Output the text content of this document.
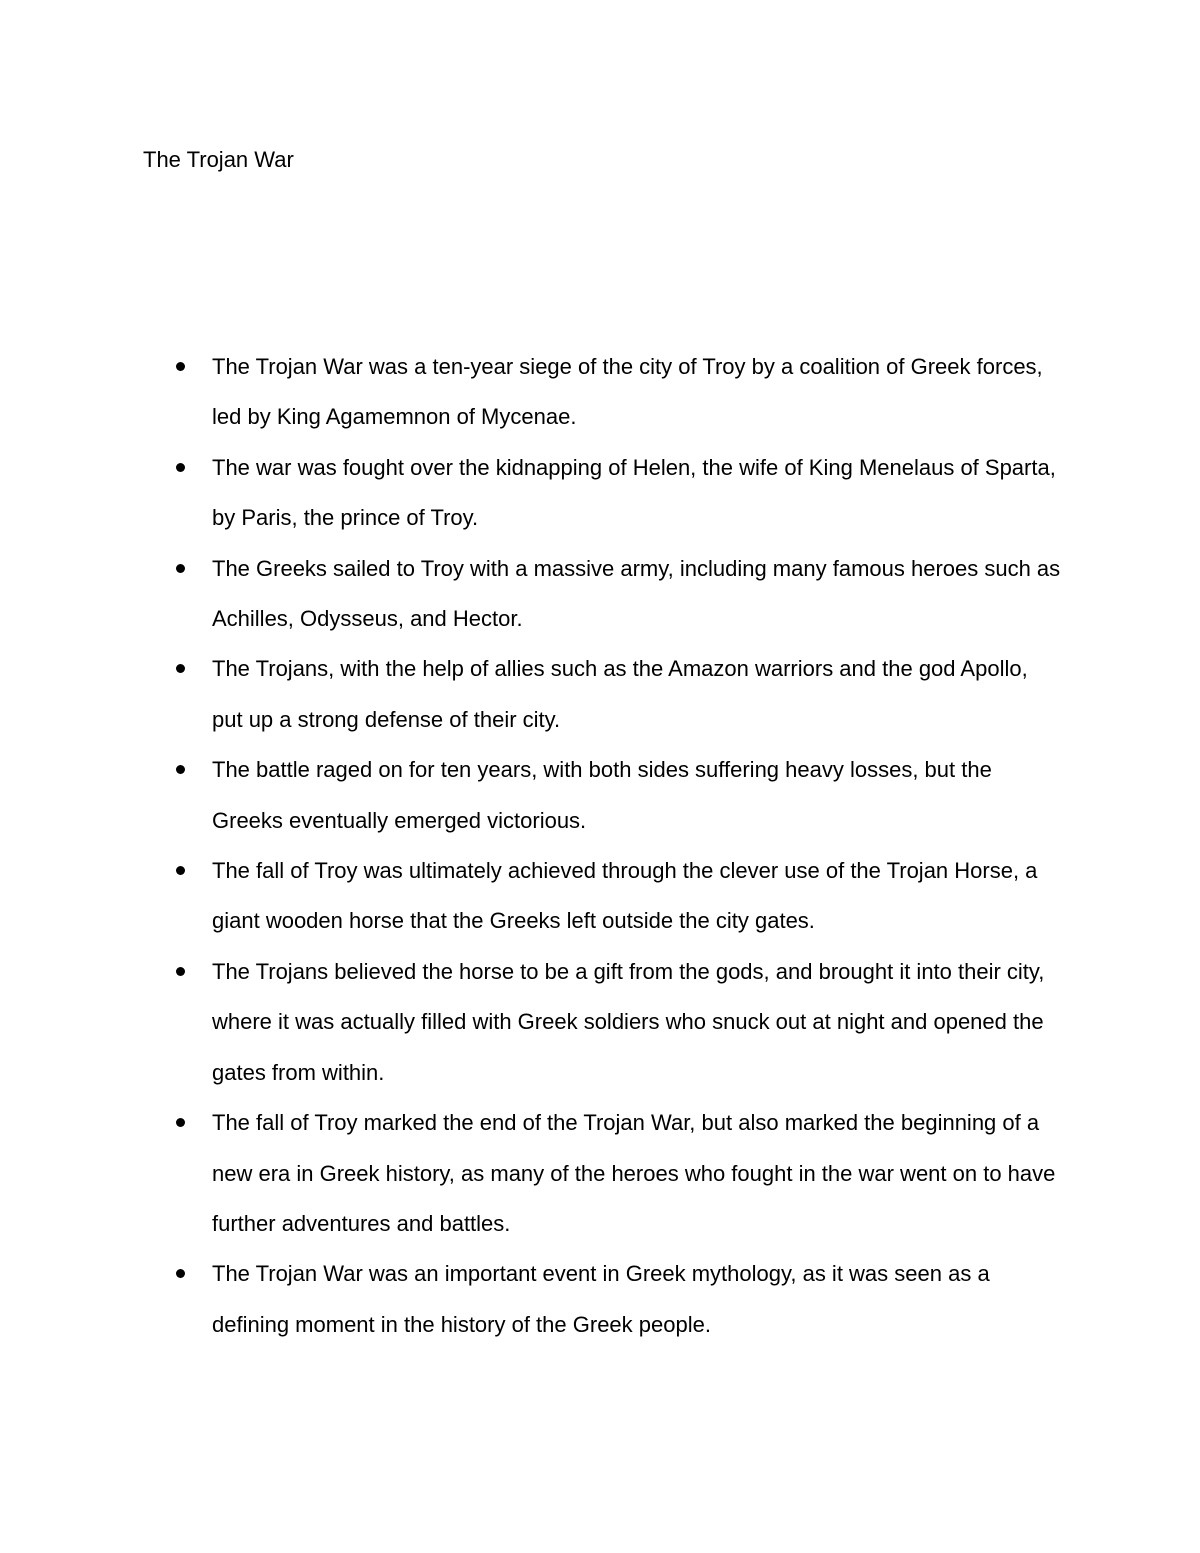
The Trojan War
The Trojan War was a ten-year siege of the city of Troy by a coalition of Greek forces, led by King Agamemnon of Mycenae.
The war was fought over the kidnapping of Helen, the wife of King Menelaus of Sparta, by Paris, the prince of Troy.
The Greeks sailed to Troy with a massive army, including many famous heroes such as Achilles, Odysseus, and Hector.
The Trojans, with the help of allies such as the Amazon warriors and the god Apollo, put up a strong defense of their city.
The battle raged on for ten years, with both sides suffering heavy losses, but the Greeks eventually emerged victorious.
The fall of Troy was ultimately achieved through the clever use of the Trojan Horse, a giant wooden horse that the Greeks left outside the city gates.
The Trojans believed the horse to be a gift from the gods, and brought it into their city, where it was actually filled with Greek soldiers who snuck out at night and opened the gates from within.
The fall of Troy marked the end of the Trojan War, but also marked the beginning of a new era in Greek history, as many of the heroes who fought in the war went on to have further adventures and battles.
The Trojan War was an important event in Greek mythology, as it was seen as a defining moment in the history of the Greek people.
